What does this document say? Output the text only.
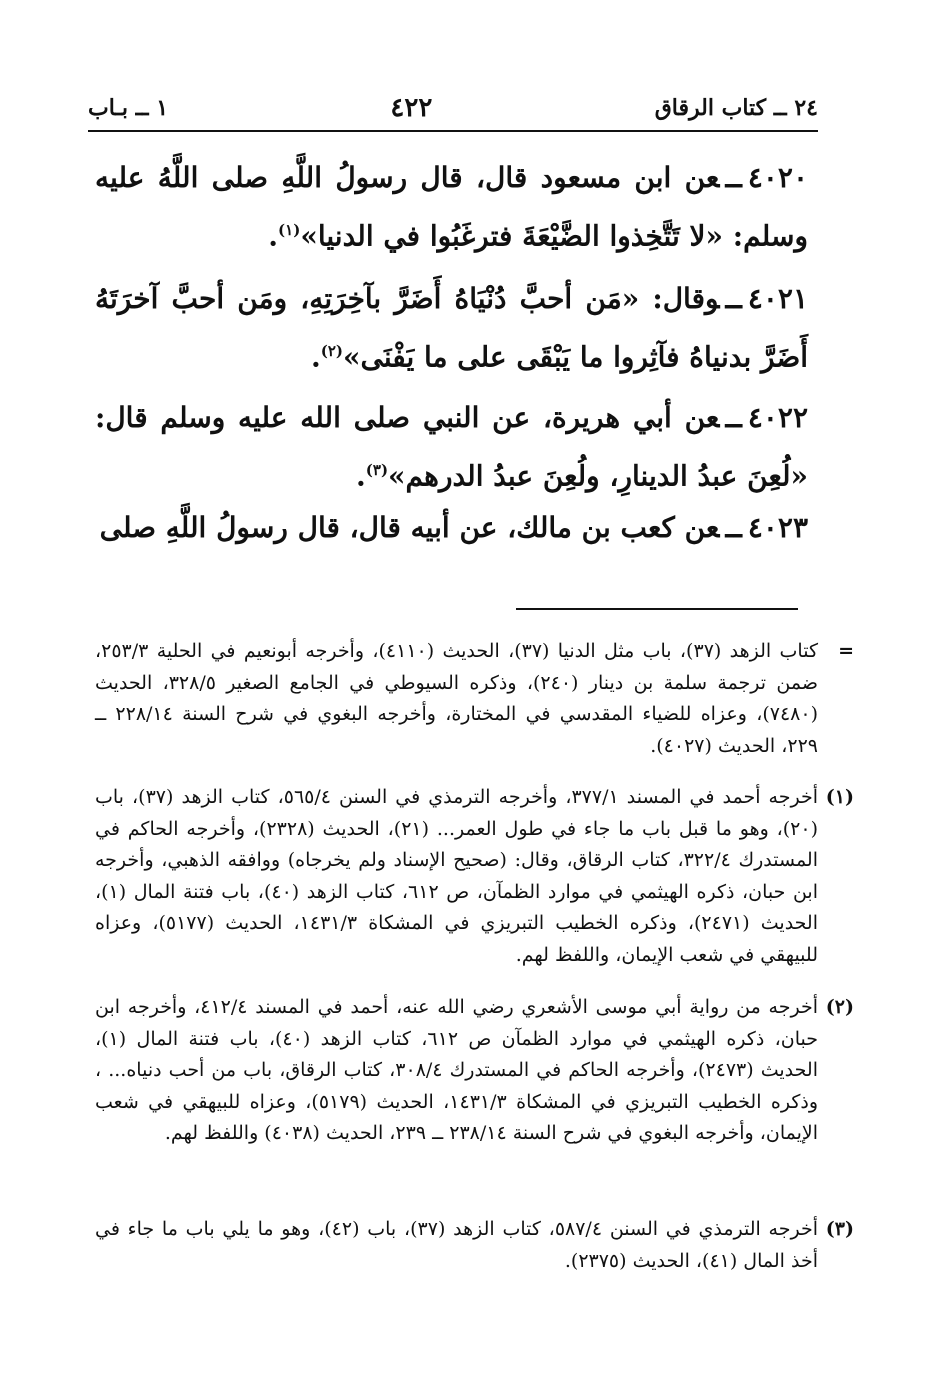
٢٤ ــ كتاب الرقاق
٤٢٢
١ ــ بـاب
٤٠٢٠ــعن ابن مسعود قال، قال رسولُ اللَّهِ صلى اللَّهُ عليه وسلم: «لا تَتَّخِذوا الضَّيْعَةَ فترغَبُوا في الدنيا»$^{(١)}$.
٤٠٢١ــوقال: «مَن أحبَّ دُنْيَاهُ أَضَرَّ بآخِرَتِهِ، ومَن أحبَّ آخرَتَهُ أَضَرَّ بدنياهُ فآثِروا ما يَبْقَى على ما يَفْنَى»$^{(٢)}$.
٤٠٢٢ــعن أبي هريرة، عن النبي صلى الله عليه وسلم قال: «لُعِنَ عبدُ الدينارِ، ولُعِنَ عبدُ الدرهم»$^{(٣)}$.
٤٠٢٣ــعن كعب بن مالك، عن أبيه قال، قال رسولُ اللَّهِ صلى
=
كتاب الزهد (٣٧)، باب مثل الدنيا (٣٧)، الحديث (٤١١٠)، وأخرجه أبونعيم في الحلية ٢٥٣/٣، ضمن ترجمة سلمة بن دينار (٢٤٠)، وذكره السيوطي في الجامع الصغير ٣٢٨/٥، الحديث (٧٤٨٠)، وعزاه للضياء المقدسي في المختارة، وأخرجه البغوي في شرح السنة ٢٢٨/١٤ ــ ٢٢٩، الحديث (٤٠٢٧).
(١)
أخرجه أحمد في المسند ٣٧٧/١، وأخرجه الترمذي في السنن ٥٦٥/٤، كتاب الزهد (٣٧)، باب (٢٠)، وهو ما قبل باب ما جاء في طول العمر... (٢١)، الحديث (٢٣٢٨)، وأخرجه الحاكم في المستدرك ٣٢٢/٤، كتاب الرقاق، وقال: (صحيح الإسناد ولم يخرجاه) ووافقه الذهبي، وأخرجه ابن حبان، ذكره الهيثمي في موارد الظمآن، ص ٦١٢، كتاب الزهد (٤٠)، باب فتنة المال (١)، الحديث (٢٤٧١)، وذكره الخطيب التبريزي في المشكاة ١٤٣١/٣، الحديث (٥١٧٧)، وعزاه للبيهقي في شعب الإيمان، واللفظ لهم.
(٢)
أخرجه من رواية أبي موسى الأشعري رضي الله عنه، أحمد في المسند ٤١٢/٤، وأخرجه ابن حبان، ذكره الهيثمي في موارد الظمآن ص ٦١٢، كتاب الزهد (٤٠)، باب فتنة المال (١)، الحديث (٢٤٧٣)، وأخرجه الحاكم في المستدرك ٣٠٨/٤، كتاب الرقاق، باب من أحب دنياه... ، وذكره الخطيب التبريزي في المشكاة ١٤٣١/٣، الحديث (٥١٧٩)، وعزاه للبيهقي في شعب الإيمان، وأخرجه البغوي في شرح السنة ٢٣٨/١٤ ــ ٢٣٩، الحديث (٤٠٣٨) واللفظ لهم.
(٣)
أخرجه الترمذي في السنن ٥٨٧/٤، كتاب الزهد (٣٧)، باب (٤٢)، وهو ما يلي باب ما جاء في أخذ المال (٤١)، الحديث (٢٣٧٥).
